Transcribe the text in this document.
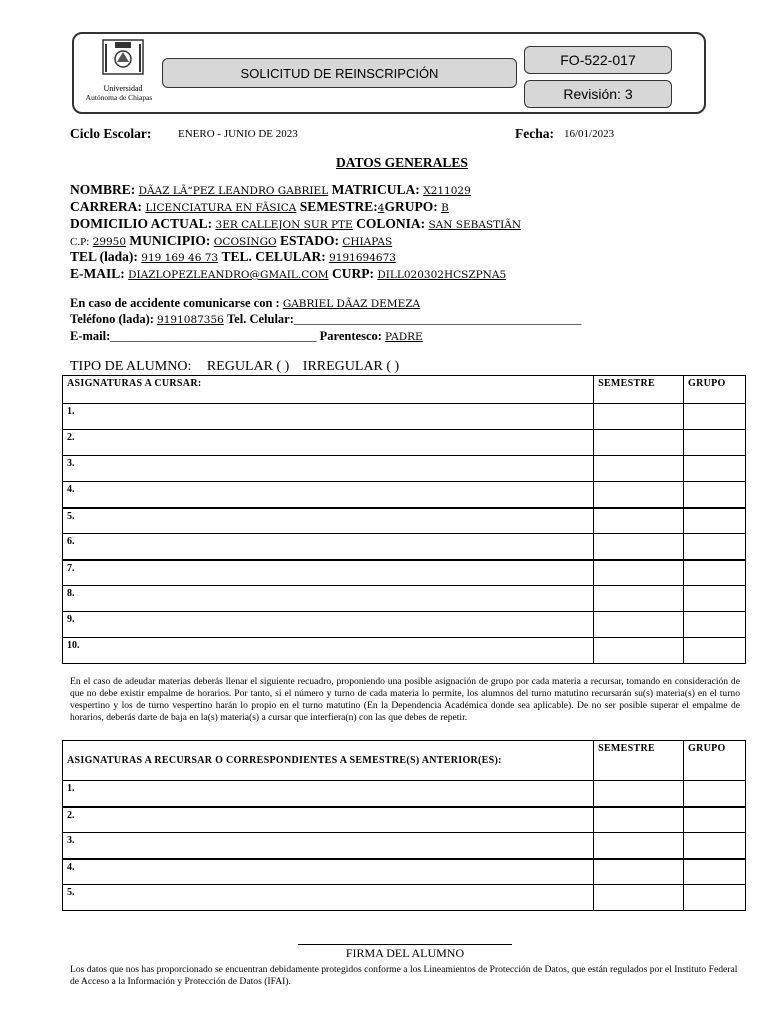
Universidad
Autónoma de Chiapas
SOLICITUD DE REINSCRIPCIÓN
FO-522-017
Revisión: 3
Ciclo Escolar: ENERO - JUNIO DE 2023	Fecha: 16/01/2023
DATOS GENERALES
NOMBRE: DÃAZ LÃ“PEZ LEANDRO GABRIEL MATRICULA: X211029
CARRERA: LICENCIATURA EN FÃSICA SEMESTRE:4GRUPO: B
DOMICILIO ACTUAL: 3ER CALLEJON SUR PTE COLONIA: SAN SEBASTIÃN
C.P: 29950 MUNICIPIO: OCOSINGO ESTADO: CHIAPAS
TEL (lada): 919 169 46 73 TEL. CELULAR: 9191694673
E-MAIL: DIAZLOPEZLEANDRO@GMAIL.COM CURP: DILL020302HCSZPNA5
En caso de accidente comunicarse con : GABRIEL DÃAZ DEMEZA
Teléfono (lada): 9191087356 Tel. Celular:______________________________________________
E-mail:_________________________________ Parentesco: PADRE
TIPO DE ALUMNO: REGULAR ( ) IRREGULAR ( )
ASIGNATURAS A CURSAR:	SEMESTRE	GRUPO
1.		
2.		
3.		
4.		
5.		
6.		
7.		
8.		
9.		
10.		
En el caso de adeudar materias deberás llenar el siguiente recuadro, proponiendo una posible asignación de grupo por cada materia a recursar, tomando en consideración de que no debe existir empalme de horarios. Por tanto, si el número y turno de cada materia lo permite, los alumnos del turno matutino recursarán su(s) materia(s) en el turno vespertino y los de turno vespertino harán lo propio en el turno matutino (En la Dependencia Académica donde sea aplicable). De no ser posible superar el empalme de horarios, deberás darte de baja en la(s) materia(s) a cursar que interfiera(n) con las que debes de repetir.
ASIGNATURAS A RECURSAR O CORRESPONDIENTES A SEMESTRE(S) ANTERIOR(ES):	SEMESTRE	GRUPO
1.		
2.		
3.		
4.		
5.		
FIRMA DEL ALUMNO
Los datos que nos has proporcionado se encuentran debidamente protegidos conforme a los Lineamientos de Protección de Datos, que están regulados por el Instituto Federal de Acceso a la Información y Protección de Datos (IFAI).
